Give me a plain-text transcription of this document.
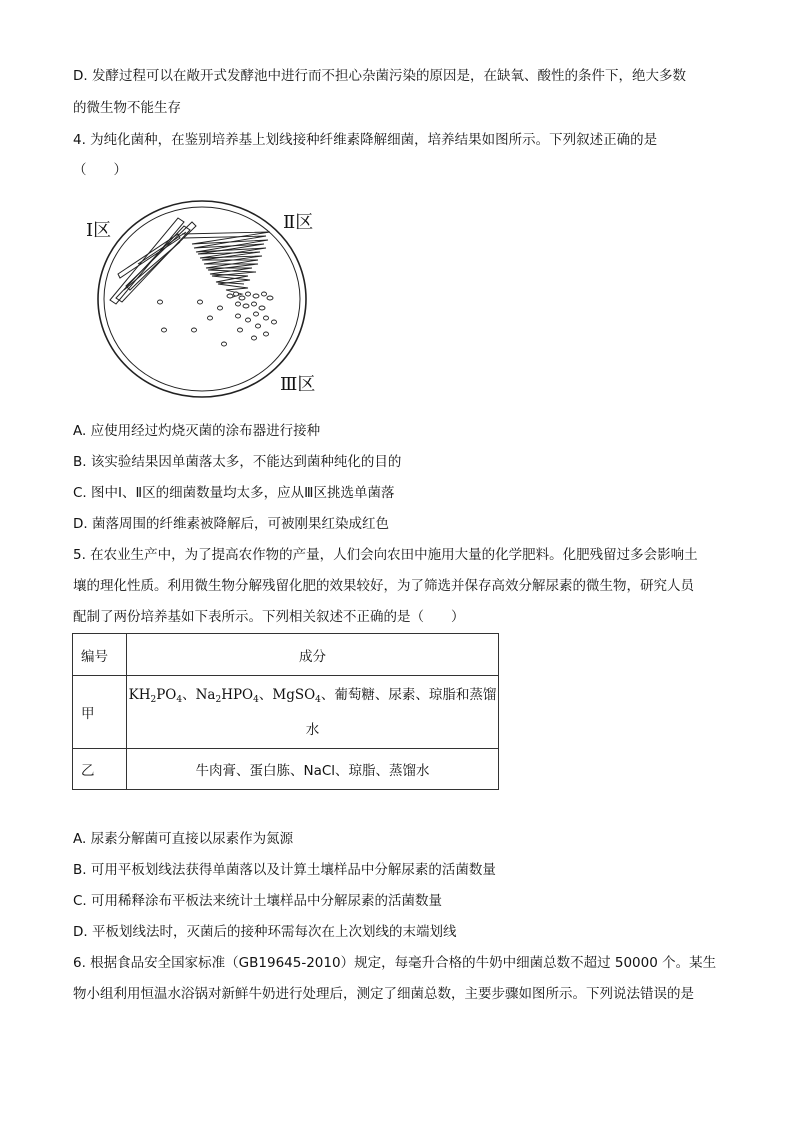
D. 发酵过程可以在敞开式发酵池中进行而不担心杂菌污染的原因是，在缺氧、酸性的条件下，绝大多数
的微生物不能生存
4. 为纯化菌种，在鉴别培养基上划线接种纤维素降解细菌，培养结果如图所示。下列叙述正确的是
（　　）
Ⅰ区	Ⅱ区
Ⅲ区
A. 应使用经过灼烧灭菌的涂布器进行接种
B. 该实验结果因单菌落太多，不能达到菌种纯化的目的
C. 图中Ⅰ、Ⅱ区的细菌数量均太多，应从Ⅲ区挑选单菌落
D. 菌落周围的纤维素被降解后，可被刚果红染成红色
5. 在农业生产中，为了提高农作物的产量，人们会向农田中施用大量的化学肥料。化肥残留过多会影响土
壤的理化性质。利用微生物分解残留化肥的效果较好，为了筛选并保存高效分解尿素的微生物，研究人员
配制了两份培养基如下表所示。下列相关叙述不正确的是（　　）
编号	成分
甲	$KH_2PO_4$、$Na_2HPO_4$、MgSO$_4$、葡萄糖、尿素、琼脂和蒸馏
水
乙	牛肉膏、蛋白胨、NaCl、琼脂、蒸馏水
A. 尿素分解菌可直接以尿素作为氮源
B. 可用平板划线法获得单菌落以及计算土壤样品中分解尿素的活菌数量
C. 可用稀释涂布平板法来统计土壤样品中分解尿素的活菌数量
D. 平板划线法时，灭菌后的接种环需每次在上次划线的末端划线
6. 根据食品安全国家标准（GB19645-2010）规定，每毫升合格的牛奶中细菌总数不超过 50000 个。某生
物小组利用恒温水浴锅对新鲜牛奶进行处理后，测定了细菌总数，主要步骤如图所示。下列说法错误的是
